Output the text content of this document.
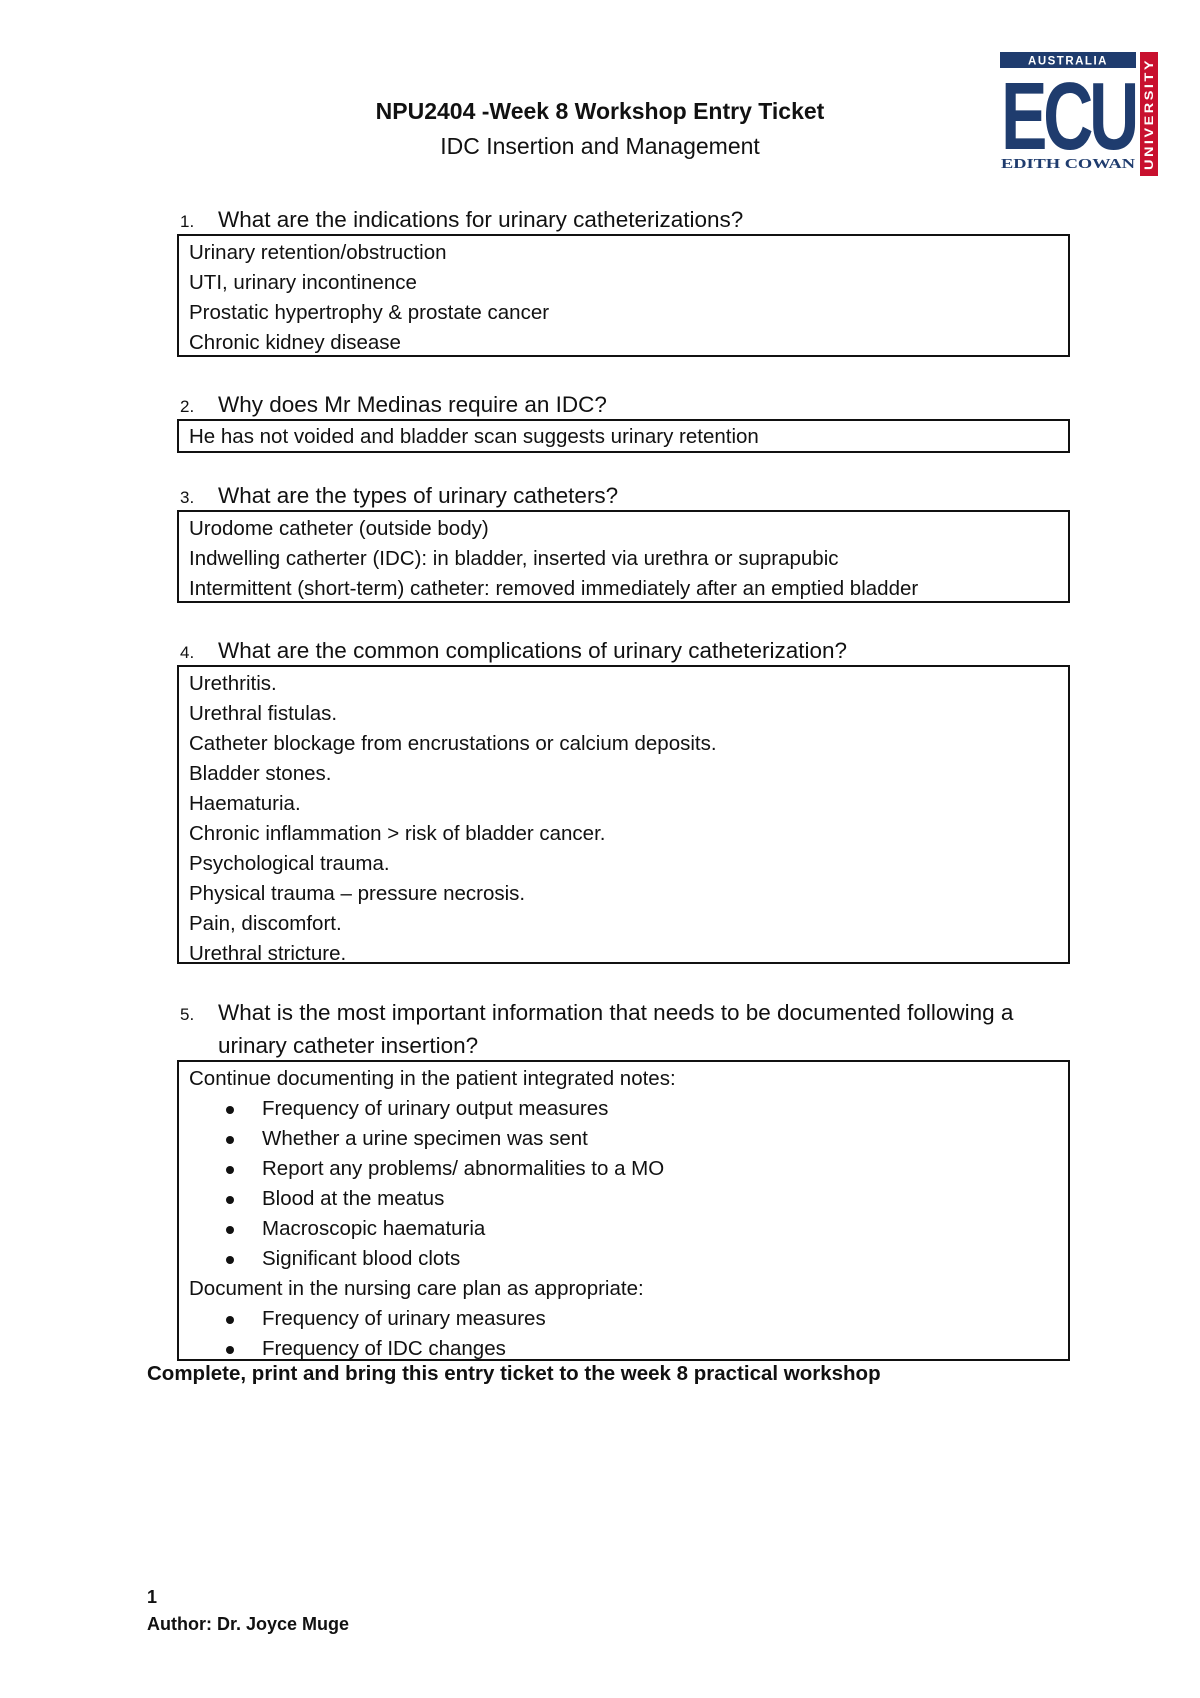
NPU2404 -Week 8 Workshop Entry Ticket
IDC Insertion and Management
AUSTRALIA
ECU
EDITH COWAN UNIVERSITY
1. What are the indications for urinary catheterizations?
Urinary retention/obstruction
UTI, urinary incontinence
Prostatic hypertrophy & prostate cancer
Chronic kidney disease
2. Why does Mr Medinas require an IDC?
He has not voided and bladder scan suggests urinary retention
3. What are the types of urinary catheters?
Urodome catheter (outside body)
Indwelling catherter (IDC): in bladder, inserted via urethra or suprapubic
Intermittent (short-term) catheter: removed immediately after an emptied bladder
4. What are the common complications of urinary catheterization?
Urethritis.
Urethral fistulas.
Catheter blockage from encrustations or calcium deposits.
Bladder stones.
Haematuria.
Chronic inflammation > risk of bladder cancer.
Psychological trauma.
Physical trauma – pressure necrosis.
Pain, discomfort.
Urethral stricture.
5. What is the most important information that needs to be documented following a urinary catheter insertion?
Continue documenting in the patient integrated notes:
Frequency of urinary output measures
Whether a urine specimen was sent
Report any problems/ abnormalities to a MO
Blood at the meatus
Macroscopic haematuria
Significant blood clots
Document in the nursing care plan as appropriate:
Frequency of urinary measures
Frequency of IDC changes
Complete, print and bring this entry ticket to the week 8 practical workshop
1
Author: Dr. Joyce Muge
